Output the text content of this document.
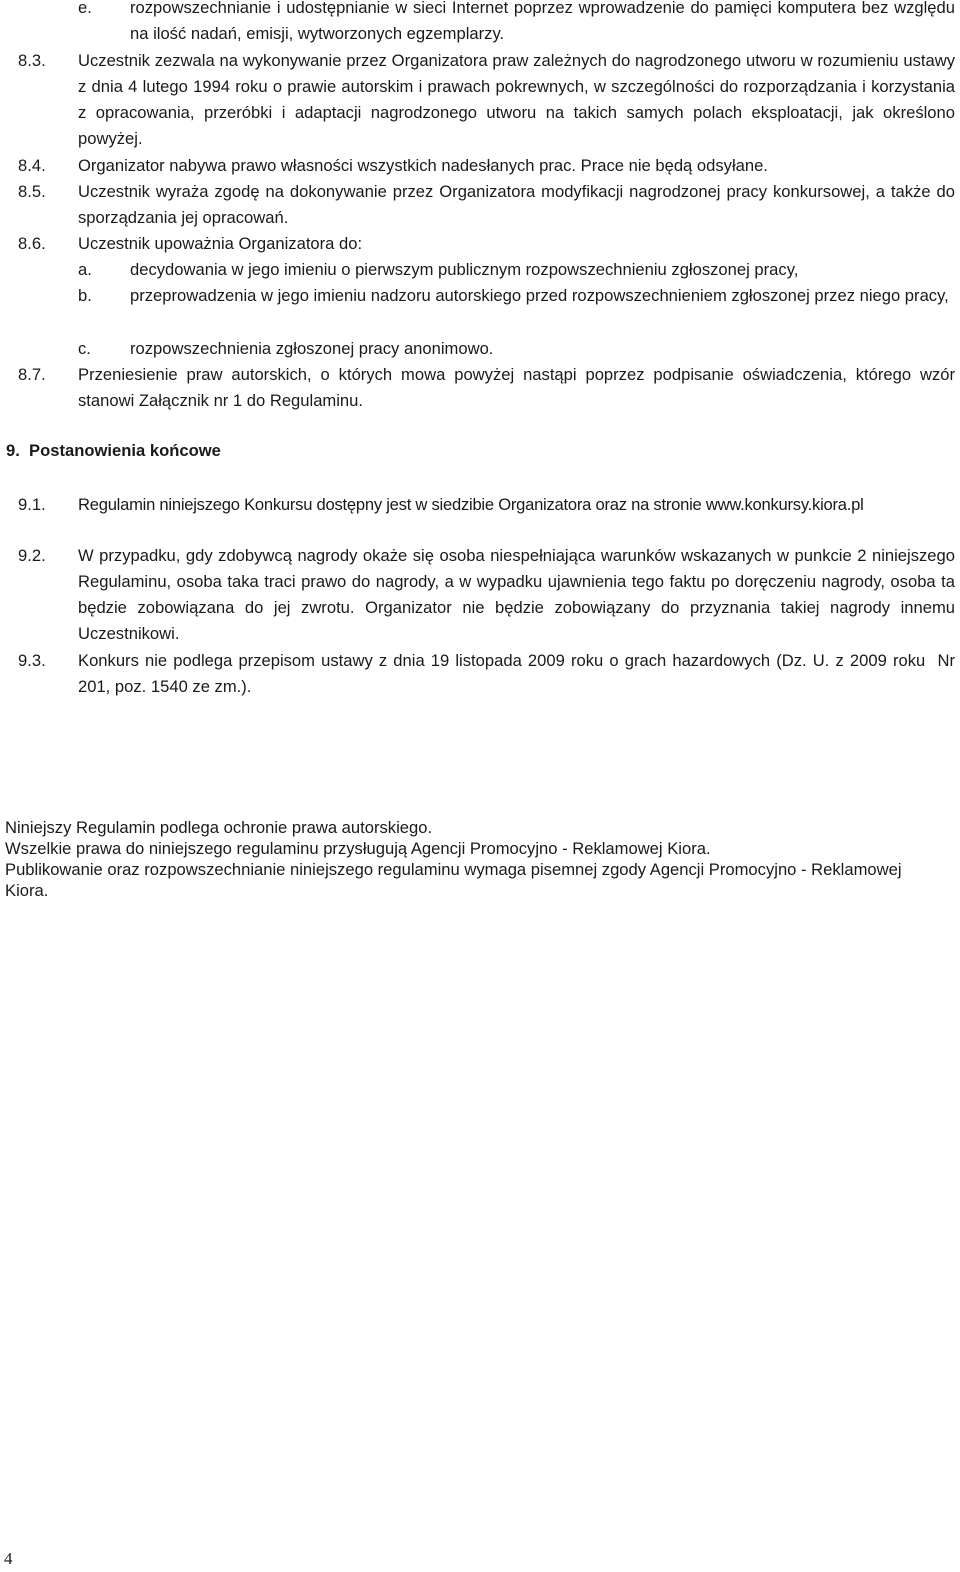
e. rozpowszechnianie i udostępnianie w sieci Internet poprzez wprowadzenie do pamięci komputera bez względu na ilość nadań, emisji, wytworzonych egzemplarzy.
8.3. Uczestnik zezwala na wykonywanie przez Organizatora praw zależnych do nagrodzonego utworu w rozumieniu ustawy z dnia 4 lutego 1994 roku o prawie autorskim i prawach pokrewnych, w szczególności do rozporządzania i korzystania z opracowania, przeróbki i adaptacji nagrodzonego utworu na takich samych polach eksploatacji, jak określono powyżej.
8.4. Organizator nabywa prawo własności wszystkich nadesłanych prac. Prace nie będą odsyłane.
8.5. Uczestnik wyraża zgodę na dokonywanie przez Organizatora modyfikacji nagrodzonej pracy konkursowej, a także do sporządzania jej opracowań.
8.6. Uczestnik upoważnia Organizatora do:
a.	decydowania w jego imieniu o pierwszym publicznym rozpowszechnieniu zgłoszonej pracy,
b.	przeprowadzenia w jego imieniu nadzoru autorskiego przed rozpowszechnieniem zgłoszonej przez niego pracy,
c.	rozpowszechnienia zgłoszonej pracy anonimowo.
8.7. Przeniesienie praw autorskich, o których mowa powyżej nastąpi poprzez podpisanie oświadczenia, którego wzór stanowi Załącznik nr 1 do Regulaminu.
9.  Postanowienia końcowe
9.1. Regulamin niniejszego Konkursu dostępny jest w siedzibie Organizatora oraz na stronie www.konkursy.kiora.pl
9.2. W przypadku, gdy zdobywcą nagrody okaże się osoba niespełniająca warunków wskazanych w punkcie 2 niniejszego Regulaminu, osoba taka traci prawo do nagrody, a w wypadku ujawnienia tego faktu po doręczeniu nagrody, osoba ta będzie zobowiązana do jej zwrotu. Organizator nie będzie zobowiązany do przyznania takiej nagrody innemu Uczestnikowi.
9.3. Konkurs nie podlega przepisom ustawy z dnia 19 listopada 2009 roku o grach hazardowych (Dz. U. z 2009 roku  Nr 201, poz. 1540 ze zm.).
Niniejszy Regulamin podlega ochronie prawa autorskiego.
Wszelkie prawa do niniejszego regulaminu przysługują Agencji Promocyjno - Reklamowej Kiora.
Publikowanie oraz rozpowszechnianie niniejszego regulaminu wymaga pisemnej zgody Agencji Promocyjno - Reklamowej Kiora.
4
